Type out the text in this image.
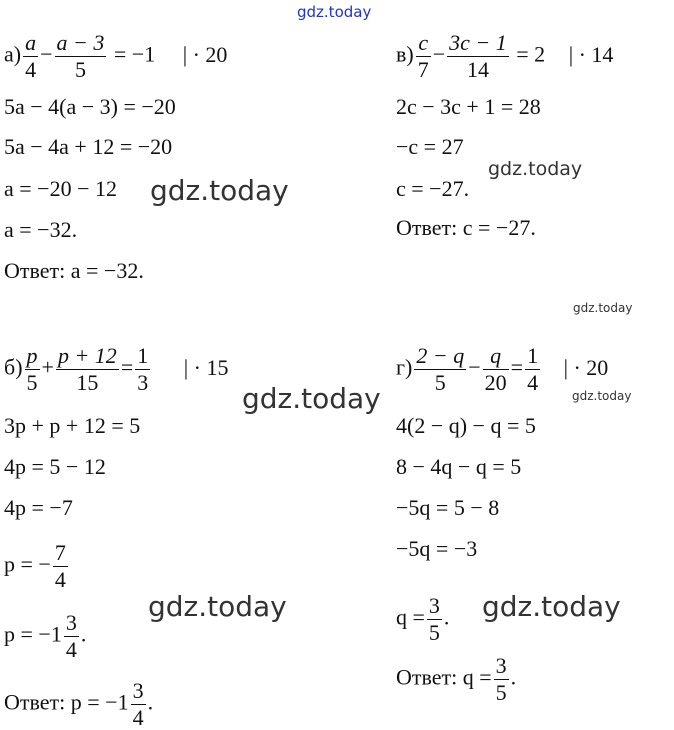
gdz.today
gdz.today
gdz.today
gdz.today
gdz.today	gdz.today
gdz.today	gdz.today
$а) \frac{a}{4} - \frac{a - 3}{5} = -1$ | · 20
5a − 4(a − 3) = −20
5a − 4a + 12 = −20
a = −20 − 12
a = −32.
Ответ: a = −32.
$в) \frac{c}{7} - \frac{3c - 1}{14} = 2$ | · 14
2c − 3c + 1 = 28
−c = 27
c = −27.
Ответ: c = −27.
$б) \frac{p}{5} + \frac{p + 12}{15} = \frac{1}{3}$ | · 15
3p + p + 12 = 5
4p = 5 − 12
4p = −7
p = − $\frac{7}{4}$
$p = -1 \frac{3}{4}$ .
Ответ: $p = -1 \frac{3}{4}$ .
$г) \frac{2 - q}{5} - \frac{q}{20} = \frac{1}{4}$ | · 20
4(2 − q) − q = 5
8 − 4q − q = 5
−5q = 5 − 8
−5q = −3
$q = \frac{3}{5}$ .
Ответ: $q = \frac{3}{5}$ .
